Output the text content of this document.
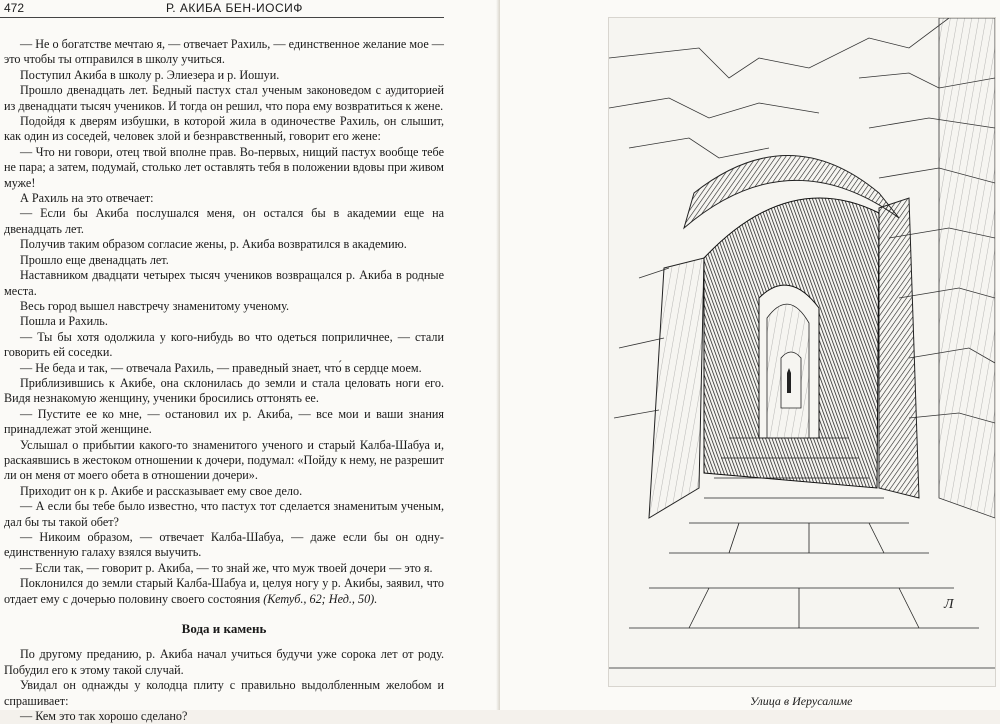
472	Р. АКИБА БЕН-ИОСИФ

— Не о богатстве мечтаю я, — отвечает Рахиль, — единственное желание мое — это чтобы ты отправился в школу учиться.

Поступил Акиба в школу р. Элиезера и р. Иошуи.

Прошло двенадцать лет. Бедный пастух стал ученым законоведом с аудиторией из двенадцати тысяч учеников. И тогда он решил, что пора ему возвратиться к жене.

Подойдя к дверям избушки, в которой жила в одиночестве Рахиль, он слышит, как один из соседей, человек злой и безнравственный, говорит его жене:

— Что ни говори, отец твой вполне прав. Во-первых, нищий пастух вообще тебе не пара; а затем, подумай, столько лет оставлять тебя в положении вдовы при живом муже!

А Рахиль на это отвечает:

— Если бы Акиба послушался меня, он остался бы в академии еще на двенадцать лет.

Получив таким образом согласие жены, р. Акиба возвратился в академию.

Прошло еще двенадцать лет.

Наставником двадцати четырех тысяч учеников возвращался р. Акиба в родные места.

Весь город вышел навстречу знаменитому ученому.

Пошла и Рахиль.

— Ты бы хотя одолжила у кого-нибудь во что одеться поприличнее, — стали говорить ей соседки.

— Не беда и так, — отвечала Рахиль, — праведный знает, что́ в сердце моем.

Приблизившись к Акибе, она склонилась до земли и стала целовать ноги его. Видя незнакомую женщину, ученики бросились оттонять ее.

— Пустите ее ко мне, — остановил их р. Акиба, — все мои и ваши знания принадлежат этой женщине.

Услышал о прибытии какого-то знаменитого ученого и старый Калба-Шабуа и, раскаявшись в жестоком отношении к дочери, подумал: «Пойду к нему, не разрешит ли он меня от моего обета в отношении дочери».

Приходит он к р. Акибе и рассказывает ему свое дело.

— А если бы тебе было известно, что пастух тот сделается знаменитым ученым, дал бы ты такой обет?

— Никоим образом, — отвечает Калба-Шабуа, — даже если бы он одну-единственную галаху взялся выучить.

— Если так, — говорит р. Акиба, — то знай же, что муж твоей дочери — это я.

Поклонился до земли старый Калба-Шабуа и, целуя ногу у р. Акибы, заявил, что отдает ему с дочерью половину своего состояния (Кетуб., 62; Нед., 50).

Вода и камень

По другому преданию, р. Акиба начал учиться будучи уже сорока лет от роду. Побудил его к этому такой случай.

Увидал он однажды у колодца плиту с правильно выдолбленным желобом и спрашивает:

— Кем это так хорошо сделано?

Л
Улица в Иерусалиме
